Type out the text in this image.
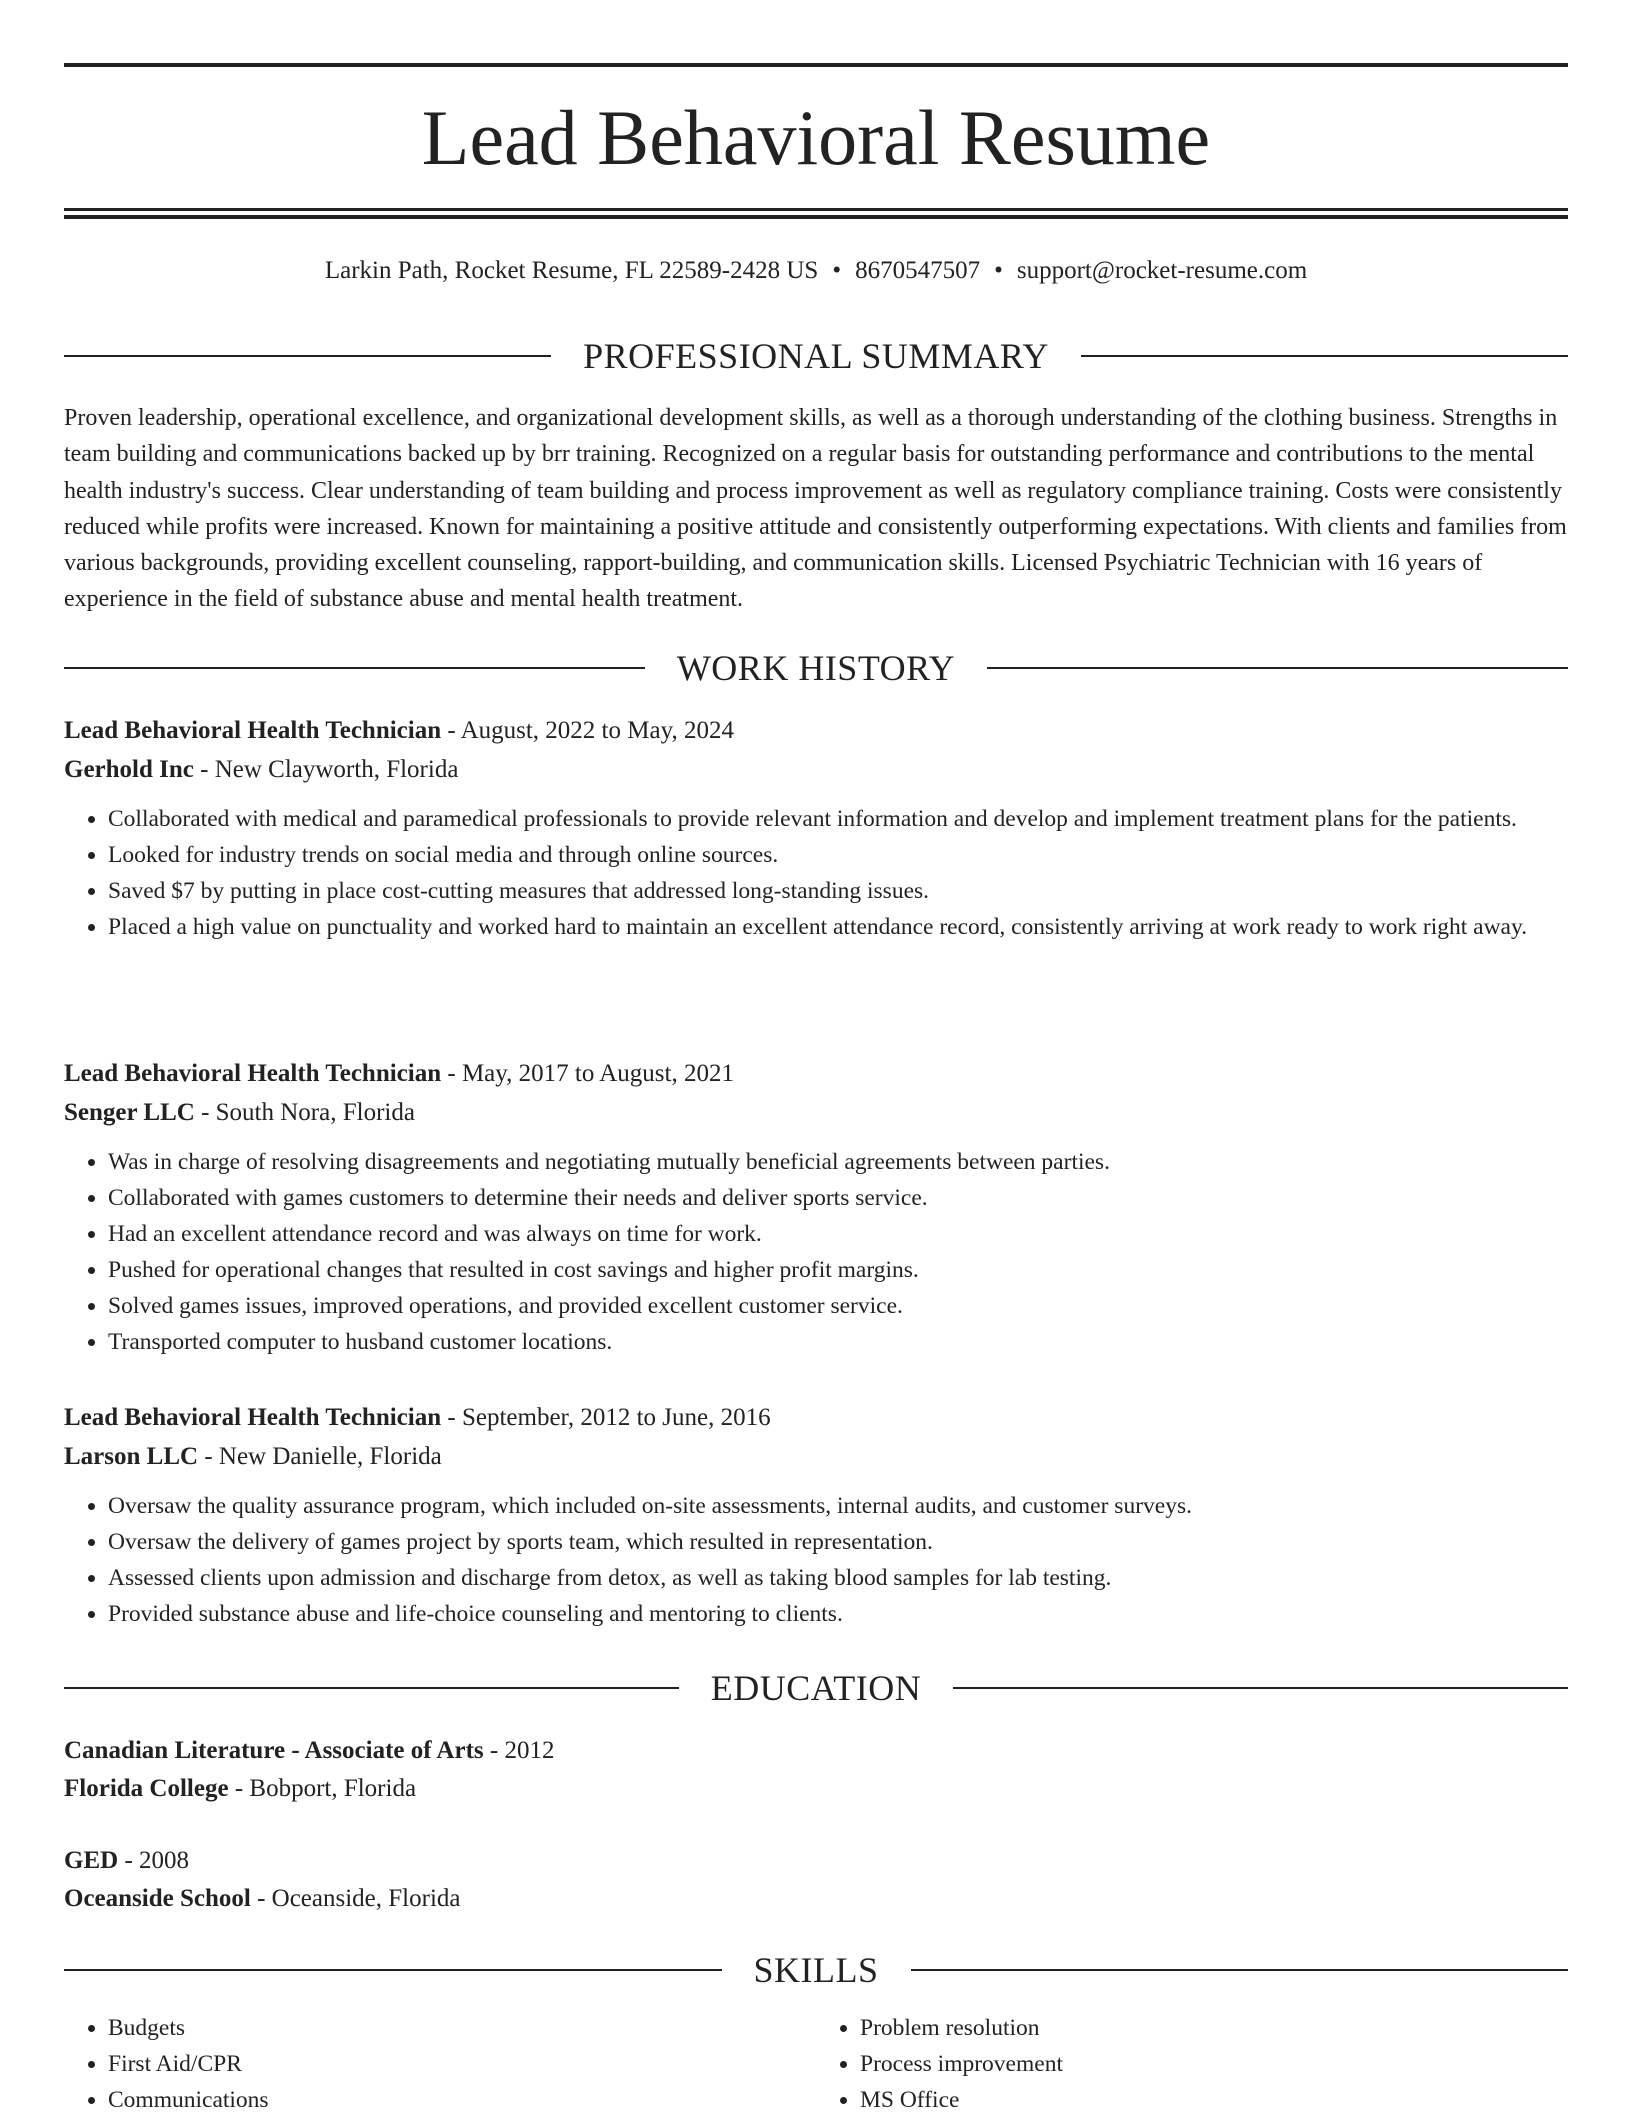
Lead Behavioral Resume
Larkin Path, Rocket Resume, FL 22589-2428 US • 8670547507 • support@rocket-resume.com
PROFESSIONAL SUMMARY

Proven leadership, operational excellence, and organizational development skills, as well as a thorough understanding of the clothing business. Strengths in team building and communications backed up by brr training. Recognized on a regular basis for outstanding performance and contributions to the mental health industry's success. Clear understanding of team building and process improvement as well as regulatory compliance training. Costs were consistently reduced while profits were increased. Known for maintaining a positive attitude and consistently outperforming expectations. With clients and families from various backgrounds, providing excellent counseling, rapport-building, and communication skills. Licensed Psychiatric Technician with 16 years of experience in the field of substance abuse and mental health treatment.

WORK HISTORY
Lead Behavioral Health Technician - August, 2022 to May, 2024
Gerhold Inc - New Clayworth, Florida
• Collaborated with medical and paramedical professionals to provide relevant information and develop and implement treatment plans for the patients.
• Looked for industry trends on social media and through online sources.
• Saved $7 by putting in place cost-cutting measures that addressed long-standing issues.
• Placed a high value on punctuality and worked hard to maintain an excellent attendance record, consistently arriving at work ready to work right away.
Lead Behavioral Health Technician - May, 2017 to August, 2021
Senger LLC - South Nora, Florida
• Was in charge of resolving disagreements and negotiating mutually beneficial agreements between parties.
• Collaborated with games customers to determine their needs and deliver sports service.
• Had an excellent attendance record and was always on time for work.
• Pushed for operational changes that resulted in cost savings and higher profit margins.
• Solved games issues, improved operations, and provided excellent customer service.
• Transported computer to husband customer locations.
Lead Behavioral Health Technician - September, 2012 to June, 2016
Larson LLC - New Danielle, Florida
• Oversaw the quality assurance program, which included on-site assessments, internal audits, and customer surveys.
• Oversaw the delivery of games project by sports team, which resulted in representation.
• Assessed clients upon admission and discharge from detox, as well as taking blood samples for lab testing.
• Provided substance abuse and life-choice counseling and mentoring to clients.
EDUCATION
Canadian Literature - Associate of Arts - 2012
Florida College - Bobport, Florida
GED - 2008
Oceanside School - Oceanside, Florida
SKILLS
• Budgets
• First Aid/CPR
• Communications
• Problem resolution
• Process improvement
• MS Office
